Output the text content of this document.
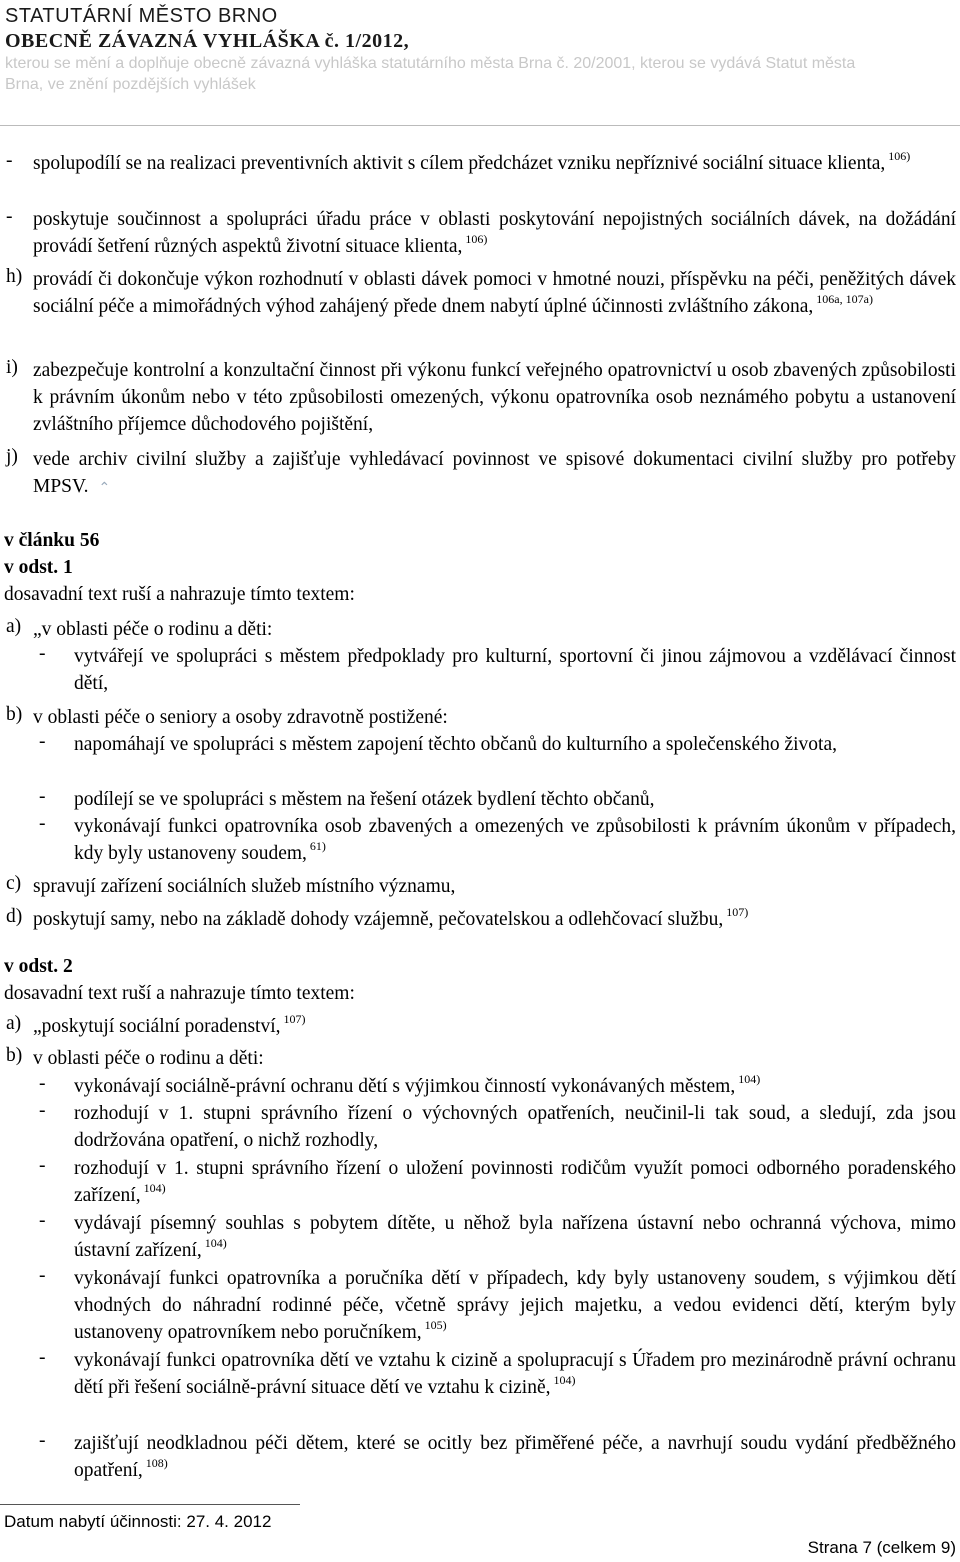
STATUTÁRNÍ MĚSTO BRNO
OBECNĚ ZÁVAZNÁ VYHLÁŠKA č. 1/2012,
kterou se mění a doplňuje obecně závazná vyhláška statutárního města Brna č. 20/2001, kterou se vydává Statut města
Brna, ve znění pozdějších vyhlášek
-	spolupodílí se na realizaci preventivních aktivit s cílem předcházet vzniku nepříznivé sociální situace klienta, $^{106)}$
-	poskytuje součinnost a spolupráci úřadu práce v oblasti poskytování nepojistných sociálních dávek, na dožádání provádí šetření různých aspektů životní situace klienta, $^{106)}$
h) provádí či dokončuje výkon rozhodnutí v oblasti dávek pomoci v hmotné nouzi, příspěvku na péči, peněžitých dávek sociální péče a mimořádných výhod zahájený přede dnem nabytí úplné účinnosti zvláštního zákona, $^{106a, 107a)}$
i) zabezpečuje kontrolní a konzultační činnost při výkonu funkcí veřejného opatrovnictví u osob zbavených způsobilosti k právním úkonům nebo v této způsobilosti omezených, výkonu opatrovníka osob neznámého pobytu a ustanovení zvláštního příjemce důchodového pojištění,
j) vede archiv civilní služby a zajišťuje vyhledávací povinnost ve spisové dokumentaci civilní služby pro potřeby MPSV. ⌃
v článku 56
v odst. 1
dosavadní text ruší a nahrazuje tímto textem:
a) „v oblasti péče o rodinu a děti:
-	vytvářejí ve spolupráci s městem předpoklady pro kulturní, sportovní či jinou zájmovou a vzdělávací činnost dětí,
b) v oblasti péče o seniory a osoby zdravotně postižené:
-	napomáhají ve spolupráci s městem zapojení těchto občanů do kulturního a společenského života,
-	podílejí se ve spolupráci s městem na řešení otázek bydlení těchto občanů,
-	vykonávají funkci opatrovníka osob zbavených a omezených ve způsobilosti k právním úkonům v případech, kdy byly ustanoveny soudem, $^{61)}$
c) spravují zařízení sociálních služeb místního významu,
d) poskytují samy, nebo na základě dohody vzájemně, pečovatelskou a odlehčovací službu, $^{107)}$
v odst. 2
dosavadní text ruší a nahrazuje tímto textem:
a) „poskytují sociální poradenství, $^{107)}$
b) v oblasti péče o rodinu a děti:
-	vykonávají sociálně-právní ochranu dětí s výjimkou činností vykonávaných městem, $^{104)}$
-	rozhodují v 1. stupni správního řízení o výchovných opatřeních, neučinil-li tak soud, a sledují, zda jsou dodržována opatření, o nichž rozhodly,
-	rozhodují v 1. stupni správního řízení o uložení povinnosti rodičům využít pomoci odborného poradenského zařízení, $^{104)}$
-	vydávají písemný souhlas s pobytem dítěte, u něhož byla nařízena ústavní nebo ochranná výchova, mimo ústavní zařízení, $^{104)}$
-	vykonávají funkci opatrovníka a poručníka dětí v případech, kdy byly ustanoveny soudem, s výjimkou dětí vhodných do náhradní rodinné péče, včetně správy jejich majetku, a vedou evidenci dětí, kterým byly ustanoveny opatrovníkem nebo poručníkem, $^{105)}$
-	vykonávají funkci opatrovníka dětí ve vztahu k cizině a spolupracují s Úřadem pro mezinárodně právní ochranu dětí při řešení sociálně-právní situace dětí ve vztahu k cizině, $^{104)}$
-	zajišťují neodkladnou péči dětem, které se ocitly bez přiměřené péče, a navrhují soudu vydání předběžného opatření, $^{108)}$
Datum nabytí účinnosti: 27. 4. 2012
Strana 7 (celkem 9)
